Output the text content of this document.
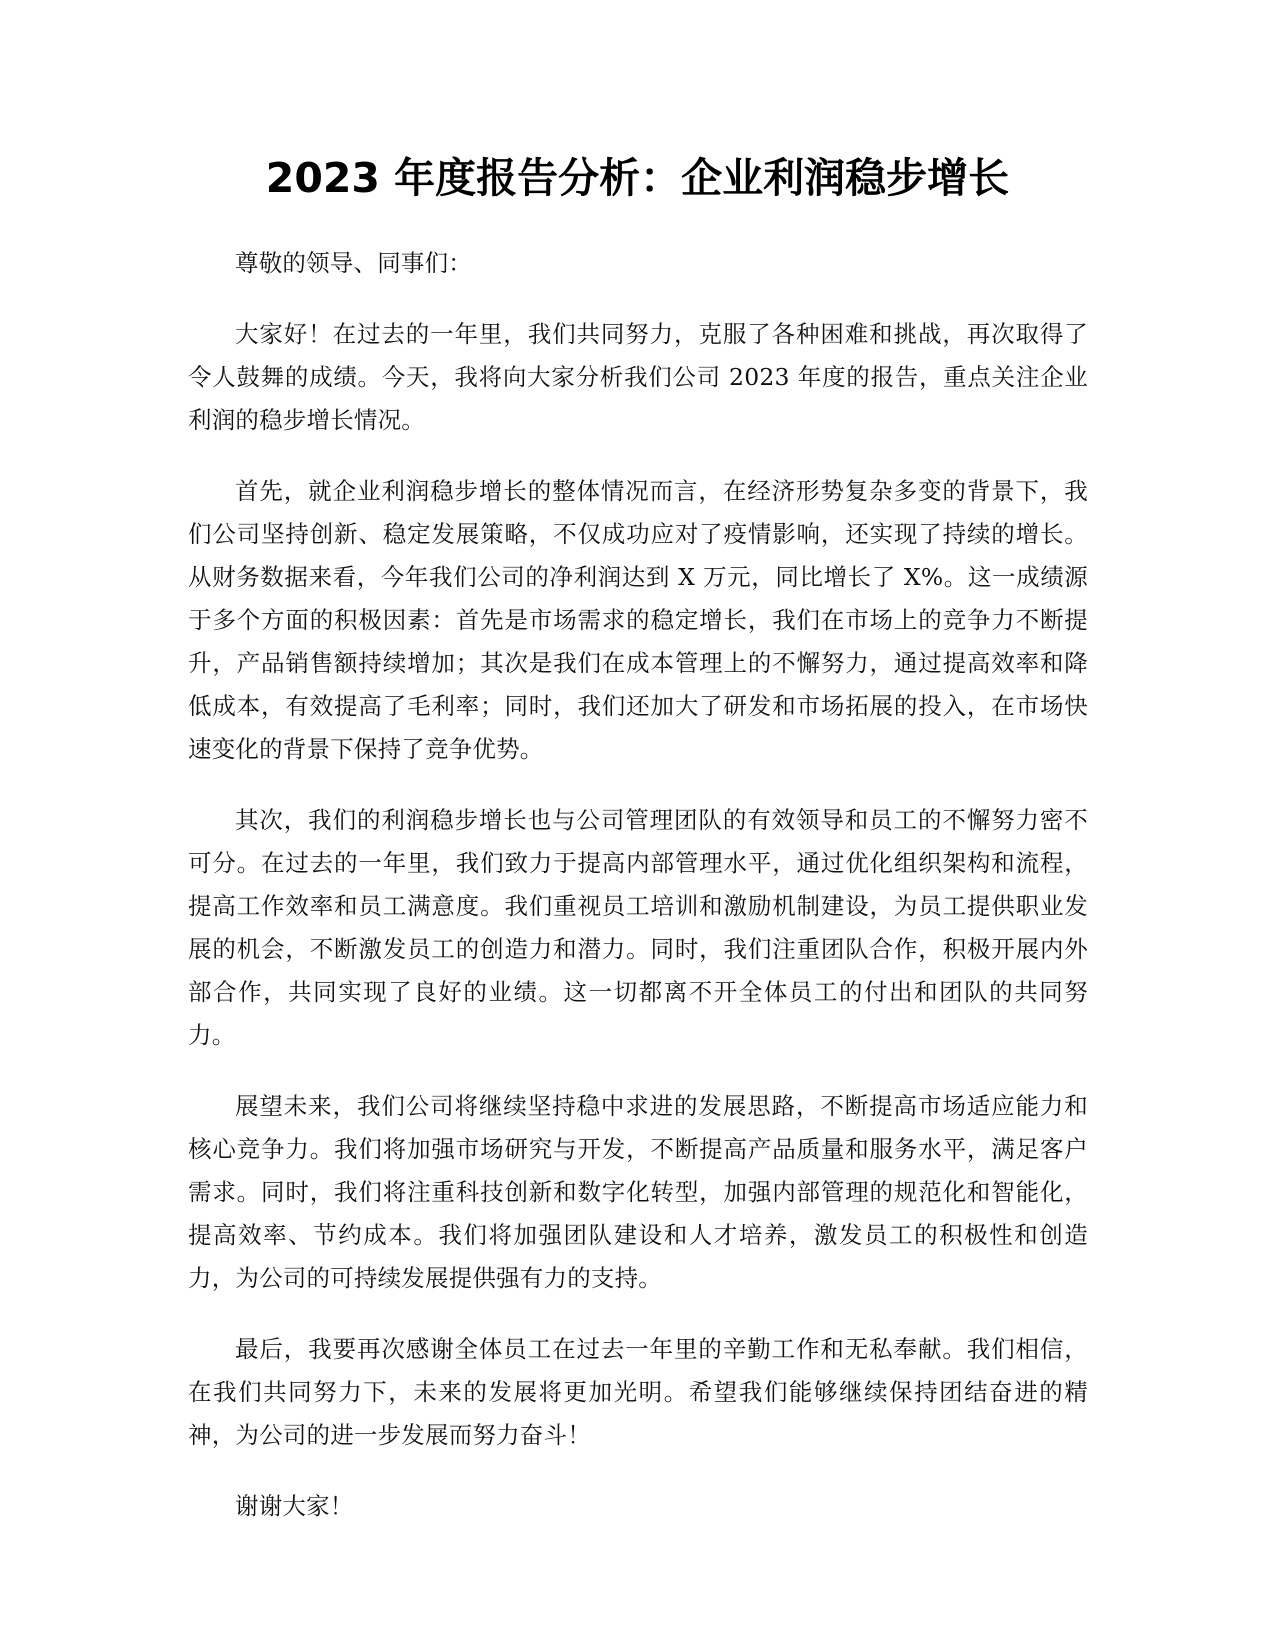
2023 年度报告分析：企业利润稳步增长

尊敬的领导、同事们：

大家好！在过去的一年里，我们共同努力，克服了各种困难和挑战，再次取得了令人鼓舞的成绩。今天，我将向大家分析我们公司 2023 年度的报告，重点关注企业利润的稳步增长情况。

首先，就企业利润稳步增长的整体情况而言，在经济形势复杂多变的背景下，我们公司坚持创新、稳定发展策略，不仅成功应对了疫情影响，还实现了持续的增长。从财务数据来看，今年我们公司的净利润达到 X 万元，同比增长了 X%。这一成绩源于多个方面的积极因素：首先是市场需求的稳定增长，我们在市场上的竞争力不断提升，产品销售额持续增加；其次是我们在成本管理上的不懈努力，通过提高效率和降低成本，有效提高了毛利率；同时，我们还加大了研发和市场拓展的投入，在市场快速变化的背景下保持了竞争优势。

其次，我们的利润稳步增长也与公司管理团队的有效领导和员工的不懈努力密不可分。在过去的一年里，我们致力于提高内部管理水平，通过优化组织架构和流程，提高工作效率和员工满意度。我们重视员工培训和激励机制建设，为员工提供职业发展的机会，不断激发员工的创造力和潜力。同时，我们注重团队合作，积极开展内外部合作，共同实现了良好的业绩。这一切都离不开全体员工的付出和团队的共同努力。

展望未来，我们公司将继续坚持稳中求进的发展思路，不断提高市场适应能力和核心竞争力。我们将加强市场研究与开发，不断提高产品质量和服务水平，满足客户需求。同时，我们将注重科技创新和数字化转型，加强内部管理的规范化和智能化，提高效率、节约成本。我们将加强团队建设和人才培养，激发员工的积极性和创造力，为公司的可持续发展提供强有力的支持。

最后，我要再次感谢全体员工在过去一年里的辛勤工作和无私奉献。我们相信，在我们共同努力下，未来的发展将更加光明。希望我们能够继续保持团结奋进的精神，为公司的进一步发展而努力奋斗！

谢谢大家！
